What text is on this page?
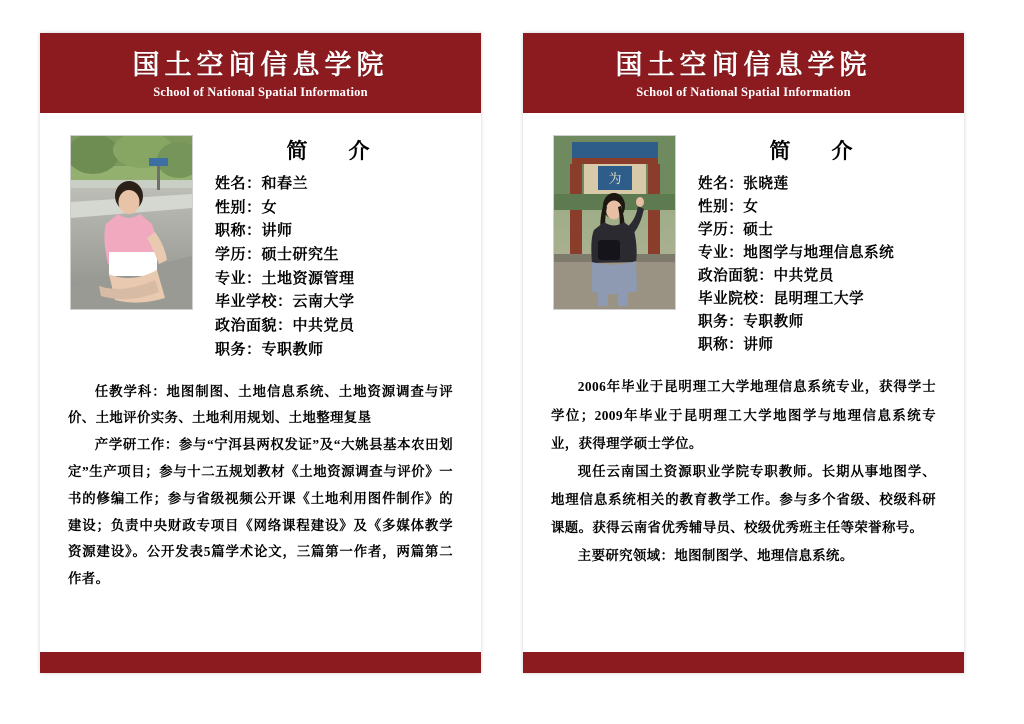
国土空间信息学院
School of National Spatial Information
简　介
姓名：和春兰
性别：女
职称：讲师
学历：硕士研究生
专业：土地资源管理
毕业学校：云南大学
政治面貌：中共党员
职务：专职教师

任教学科：地图制图、土地信息系统、土地资源调查与评价、土地评价实务、土地利用规划、土地整理复垦

产学研工作：参与“宁洱县两权发证”及“大姚县基本农田划定”生产项目；参与十二五规划教材《土地资源调查与评价》一书的修编工作；参与省级视频公开课《土地利用图件制作》的建设；负责中央财政专项目《网络课程建设》及《多媒体教学资源建设》。公开发表5篇学术论文，三篇第一作者，两篇第二作者。

国土空间信息学院
School of National Spatial Information
为
简　介
姓名：张晓莲
性别：女
学历：硕士
专业：地图学与地理信息系统
政治面貌：中共党员
毕业院校：昆明理工大学
职务：专职教师
职称：讲师

2006年毕业于昆明理工大学地理信息系统专业，获得学士学位；2009年毕业于昆明理工大学地图学与地理信息系统专业，获得理学硕士学位。

现任云南国土资源职业学院专职教师。长期从事地图学、地理信息系统相关的教育教学工作。参与多个省级、校级科研课题。获得云南省优秀辅导员、校级优秀班主任等荣誉称号。

主要研究领域：地图制图学、地理信息系统。
